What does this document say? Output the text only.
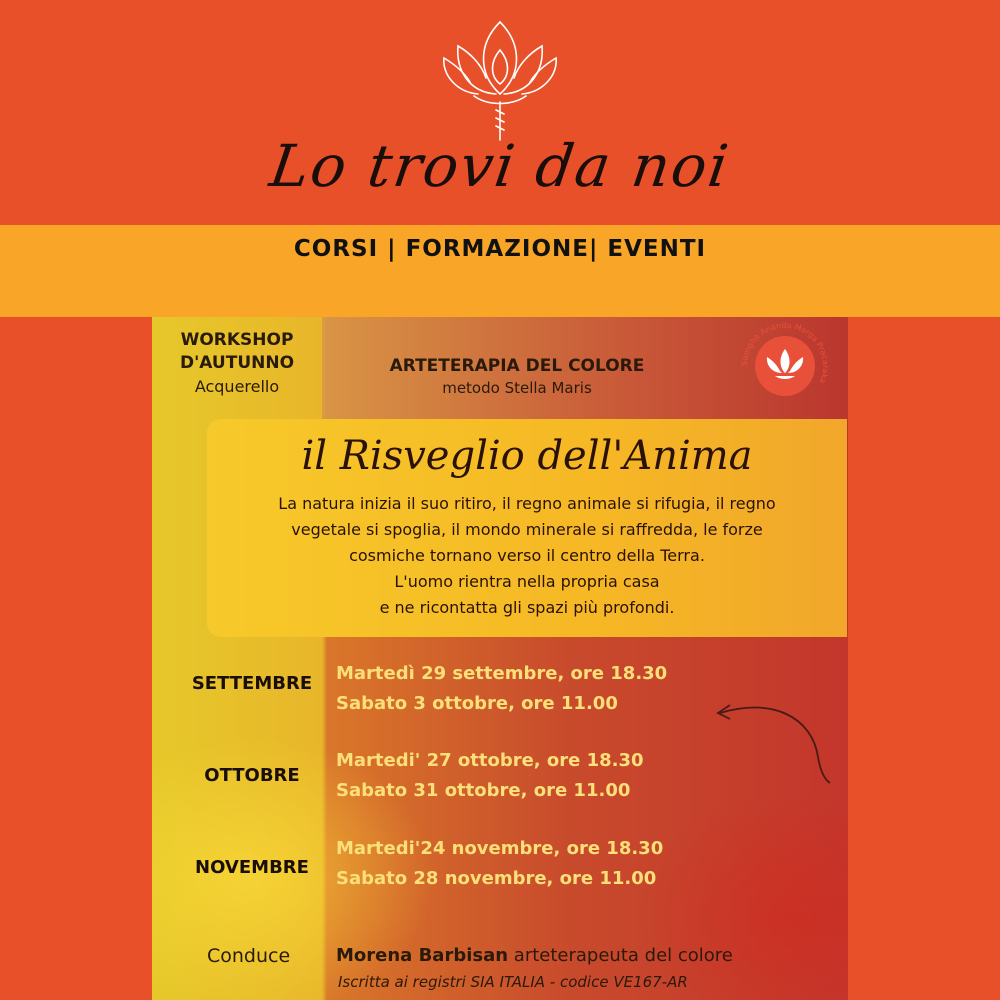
Lo trovi da noi
CORSI | FORMAZIONE| EVENTI
WORKSHOP
D'AUTUNNO
Acquerello
ARTETERAPIA DEL COLORE
metodo Stella Maris
Samgha Ananda Marga Pracaraka
il Risveglio dell'Anima
La natura inizia il suo ritiro, il regno animale si rifugia, il regno
vegetale si spoglia, il mondo minerale si raffredda, le forze
cosmiche tornano verso il centro della Terra.
L'uomo rientra nella propria casa
e ne ricontatta gli spazi più profondi.
SETTEMBRE	Martedì 29 settembre, ore 18.30
Sabato 3 ottobre, ore 11.00
OTTOBRE
Martedi' 27 ottobre, ore 18.30
Sabato 31 ottobre, ore 11.00
NOVEMBRE
Martedi'24 novembre, ore 18.30
Sabato 28 novembre, ore 11.00
Conduce	Morena Barbisan arteterapeuta del colore
Iscritta ai registri SIA ITALIA - codice VE167-AR
